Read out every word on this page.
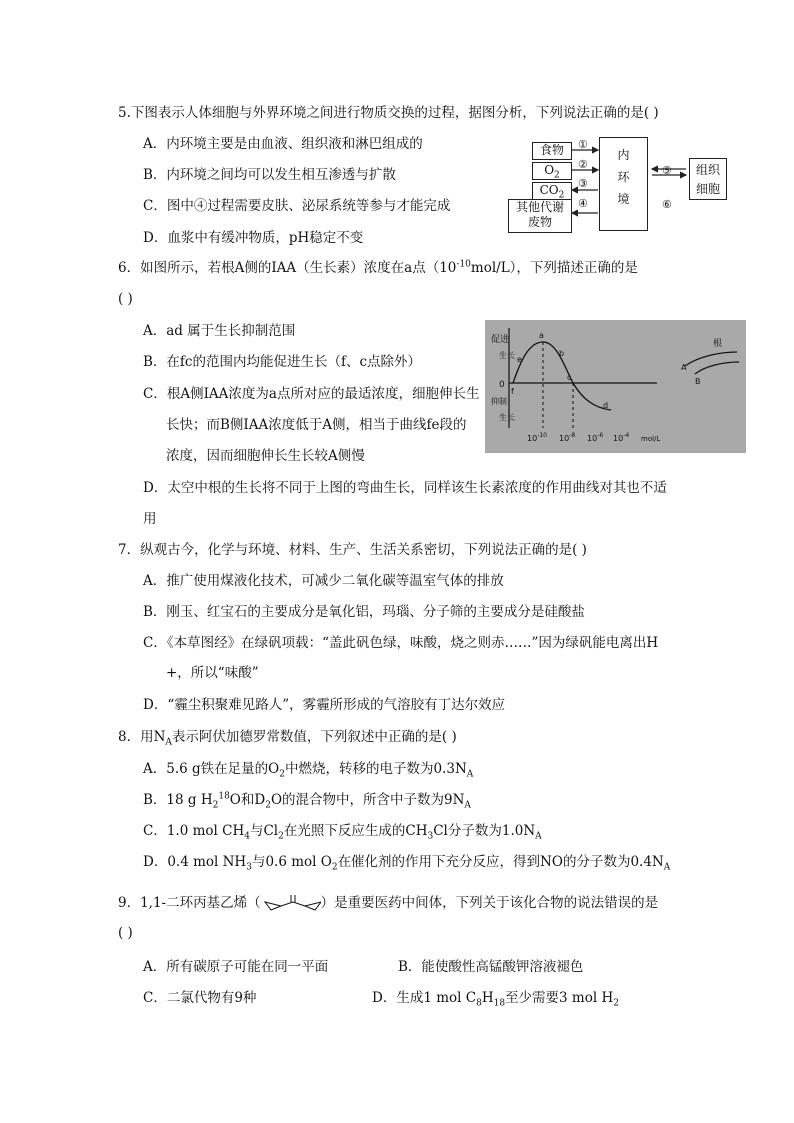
5.下图表示人体细胞与外界环境之间进行物质交换的过程，据图分析，下列说法正确的是( )
A．内环境主要是由血液、组织液和淋巴组成的
B．内环境之间均可以发生相互渗透与扩散
C．图中④过程需要皮肤、泌尿系统等参与才能完成
D．血浆中有缓冲物质，pH稳定不变
食物
$O_2$
$CO_2$
其他代谢
废物
内
环
境
组织
细胞
①
②
③
④
⑤
⑥
6．如图所示，若根A侧的IAA（生长素）浓度在a点$(10^{-10}mol/L)$，下列描述正确的是
( )
A．ad 属于生长抑制范围
B．在fc的范围内均能促进生长（f、c点除外）
C．根A侧IAA浓度为a点所对应的最适浓度，细胞伸长生
长快；而B侧IAA浓度低于A侧，相当于曲线fe段的
浓度，因而细胞伸长生长较A侧慢
D．太空中根的生长将不同于上图的弯曲生长，同样该生长素浓度的作用曲线对其也不适
用
促进
生长
0
抑制
生长
a
b
c
d
e
f
$10^{-10}$ $10^{-8}$ $10^{-6}$ $10^{-4}$ mol/L
根
A
B
7．纵观古今，化学与环境、材料、生产、生活关系密切，下列说法正确的是( )
A．推广使用煤液化技术，可减少二氧化碳等温室气体的排放
B．刚玉、红宝石的主要成分是氧化铝，玛瑙、分子筛的主要成分是硅酸盐
C．《本草图经》在绿矾项载：“盖此矾色绿，味酸，烧之则赤……”因为绿矾能电离出H
+，所以“味酸”
D．“霾尘积聚难见路人”，雾霾所形成的气溶胶有丁达尔效应
8．用$N_A$表示阿伏加德罗常数值，下列叙述中正确的是( )
A．5.6 g铁在足量的$O_2$中燃烧，转移的电子数为$0.3N_A$
B．18 g $H_2^{18}O$和$D_2O$的混合物中，所含中子数为$9N_A$
C．1.0 mol $CH_4$与$Cl_2$在光照下反应生成的$CH_3Cl$分子数为$1.0N_A$
D．0.4 mol $NH_3$与0.6 mol $O_2$在催化剂的作用下充分反应，得到NO的分子数为$0.4N_A$
9．1,1-二环丙基乙烯（	）是重要医药中间体，下列关于该化合物的说法错误的是
( )
A．所有碳原子可能在同一平面	B．能使酸性高锰酸钾溶液褪色
C．二氯代物有9种	D．生成1 mol $C_8H_{18}$至少需要3 mol $H_2$
